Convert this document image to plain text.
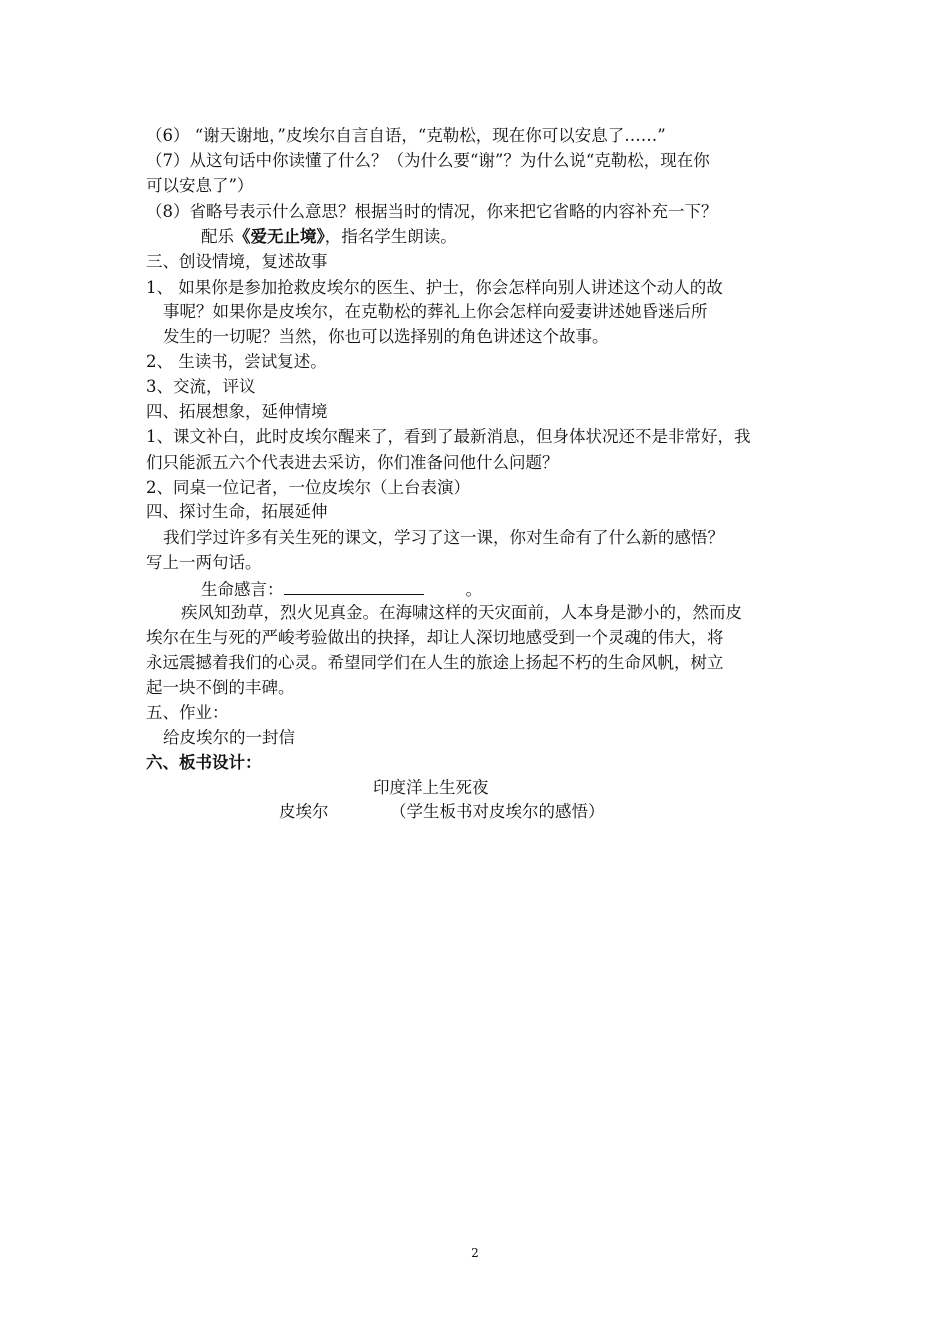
（6） “谢天谢地，”皮埃尔自言自语，“克勒松，现在你可以安息了……”
（7）从这句话中你读懂了什么？（为什么要“谢”？为什么说“克勒松，现在你
可以安息了”）
（8）省略号表示什么意思？根据当时的情况，你来把它省略的内容补充一下？
配乐《爱无止境》，指名学生朗读。
三、创设情境，复述故事
1、 如果你是参加抢救皮埃尔的医生、护士，你会怎样向别人讲述这个动人的故
事呢？如果你是皮埃尔，在克勒松的葬礼上你会怎样向爱妻讲述她昏迷后所
发生的一切呢？当然，你也可以选择别的角色讲述这个故事。
2、 生读书，尝试复述。
3、交流，评议
四、拓展想象，延伸情境
1、课文补白，此时皮埃尔醒来了，看到了最新消息，但身体状况还不是非常好，我
们只能派五六个代表进去采访，你们准备问他什么问题？
2、同桌一位记者，一位皮埃尔（上台表演）
四、探讨生命，拓展延伸
我们学过许多有关生死的课文，学习了这一课，你对生命有了什么新的感悟？
写上一两句话。
生命感言：	。
疾风知劲草，烈火见真金。在海啸这样的天灾面前，人本身是渺小的，然而皮
埃尔在生与死的严峻考验做出的抉择，却让人深切地感受到一个灵魂的伟大，将
永远震撼着我们的心灵。希望同学们在人生的旅途上扬起不朽的生命风帆，树立
起一块不倒的丰碑。
五、作业：
给皮埃尔的一封信
六、板书设计：
印度洋上生死夜
皮埃尔	（学生板书对皮埃尔的感悟）
2
